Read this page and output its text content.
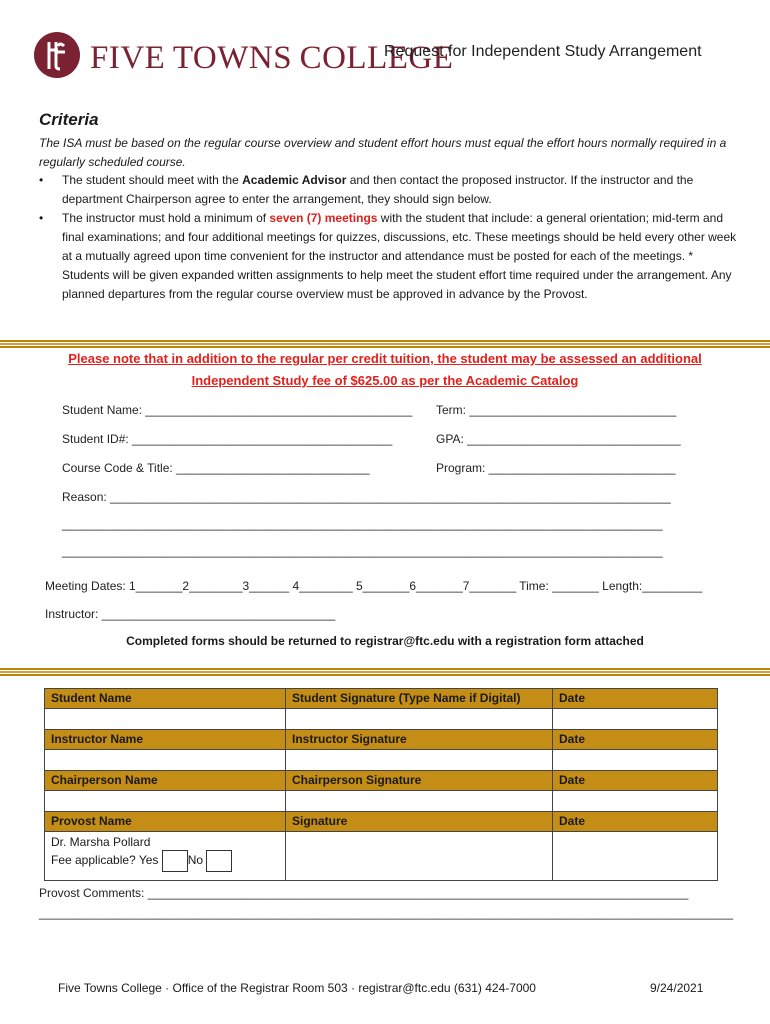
FIVE TOWNS COLLEGE
Request for Independent Study Arrangement
Criteria
The ISA must be based on the regular course overview and student effort hours must equal the effort hours normally required in a regularly scheduled course.
• The student should meet with the Academic Advisor and then contact the proposed instructor. If the instructor and the department Chairperson agree to enter the arrangement, they should sign below.
• The instructor must hold a minimum of seven (7) meetings with the student that include: a general orientation; mid-term and final examinations; and four additional meetings for quizzes, discussions, etc. These meetings should be held every other week at a mutually agreed upon time convenient for the instructor and attendance must be posted for each of the meetings. * Students will be given expanded written assignments to help meet the student effort time required under the arrangement. Any planned departures from the regular course overview must be approved in advance by the Provost.
Please note that in addition to the regular per credit tuition, the student may be assessed an additional Independent Study fee of $625.00 as per the Academic Catalog
Student Name: ________________________________________ Term: _______________________________
Student ID#: _______________________________________	GPA: ________________________________
Course Code & Title: _____________________________	Program: ____________________________
Reason: ____________________________________________________________________________________
__________________________________________________________________________________________
__________________________________________________________________________________________
Meeting Dates: 1_______2________3______ 4________ 5_______6_______7_______ Time: _______ Length:_________
Instructor: ___________________________________
Completed forms should be returned to registrar@ftc.edu with a registration form attached
Student Name	Student Signature (Type Name if Digital)	Date

Instructor Name	Instructor Signature	Date

Chairperson Name	Chairperson Signature	Date

Provost Name	Signature	Date

Dr. Marsha Pollard
Fee applicable? Yes No		

Provost Comments: _________________________________________________________________________________
________________________________________________________________________________________________________
Five Towns College · Office of the Registrar Room 503 · registrar@ftc.edu (631) 424-7000	9/24/2021
